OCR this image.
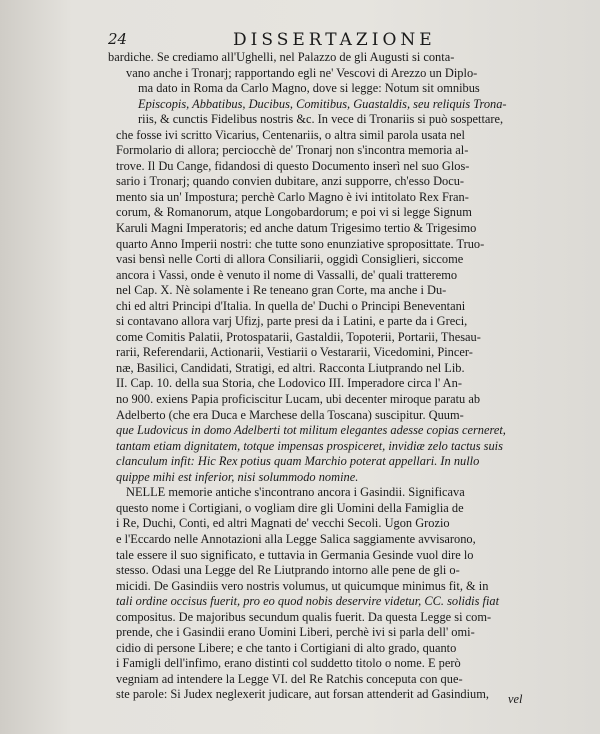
24	DISSERTAZIONE
bardiche. Se crediamo all'Ughelli, nel Palazzo de gli Augusti si conta-
vano anche i Tronarj; rapportando egli ne' Vescovi di Arezzo un Diplo-
ma dato in Roma da Carlo Magno, dove si legge: Notum sit omnibus
Episcopis, Abbatibus, Ducibus, Comitibus, Guastaldis, seu reliquis Trona-
riis, & cunctis Fidelibus nostris &c. In vece di Tronariis si può sospettare,
che fosse ivi scritto Vicarius, Centenariis, o altra simil parola usata nel
Formolario di allora; perciocchè de' Tronarj non s'incontra memoria al-
trove. Il Du Cange, fidandosi di questo Documento inserì nel suo Glos-
sario i Tronarj; quando convien dubitare, anzi supporre, ch'esso Docu-
mento sia un' Impostura; perchè Carlo Magno è ivi intitolato Rex Fran-
corum, & Romanorum, atque Longobardorum; e poi vi si legge Signum
Karuli Magni Imperatoris; ed anche datum Trigesimo tertio & Trigesimo
quarto Anno Imperii nostri: che tutte sono enunziative sproposittate. Truo-
vasi bensì nelle Corti di allora Consiliarii, oggidì Consiglieri, siccome
ancora i Vassi, onde è venuto il nome di Vassalli, de' quali tratteremo
nel Cap. X. Nè solamente i Re teneano gran Corte, ma anche i Du-
chi ed altri Principi d'Italia. In quella de' Duchi o Principi Beneventani
si contavano allora varj Ufizj, parte presi da i Latini, e parte da i Greci,
come Comitis Palatii, Protospatarii, Gastaldii, Topoterii, Portarii, Thesau-
rarii, Referendarii, Actionarii, Vestiarii o Vestararii, Vicedomini, Pincer-
næ, Basilici, Candidati, Stratigi, ed altri. Racconta Liutprando nel Lib.
II. Cap. 10. della sua Storia, che Lodovico III. Imperadore circa l' An-
no 900. exiens Papia proficiscitur Lucam, ubi decenter miroque paratu ab
Adelberto (che era Duca e Marchese della Toscana) suscipitur. Quum-
que Ludovicus in domo Adelberti tot militum elegantes adesse copias cerneret,
tantam etiam dignitatem, totque impensas prospiceret, invidiæ zelo tactus suis
clanculum infit: Hic Rex potius quam Marchio poterat appellari. In nullo
quippe mihi est inferior, nisi solummodo nomine.
NELLE memorie antiche s'incontrano ancora i Gasindii. Significava
questo nome i Cortigiani, o vogliam dire gli Uomini della Famiglia de
i Re, Duchi, Conti, ed altri Magnati de' vecchi Secoli. Ugon Grozio
e l'Eccardo nelle Annotazioni alla Legge Salica saggiamente avvisarono,
tale essere il suo significato, e tuttavia in Germania Gesinde vuol dire lo
stesso. Odasi una Legge del Re Liutprando intorno alle pene de gli o-
micidi. De Gasindiis vero nostris volumus, ut quicumque minimus fit, & in
tali ordine occisus fuerit, pro eo quod nobis deservire videtur, CC. solidis fiat
compositus. De majoribus secundum qualis fuerit. Da questa Legge si com-
prende, che i Gasindii erano Uomini Liberi, perchè ivi si parla dell' omi-
cidio di persone Libere; e che tanto i Cortigiani di alto grado, quanto
i Famigli dell'infimo, erano distinti col suddetto titolo o nome. E però
vegniam ad intendere la Legge VI. del Re Ratchis conceputa con que-
ste parole: Si Judex neglexerit judicare, aut forsan attenderit ad Gasindium,	vel
